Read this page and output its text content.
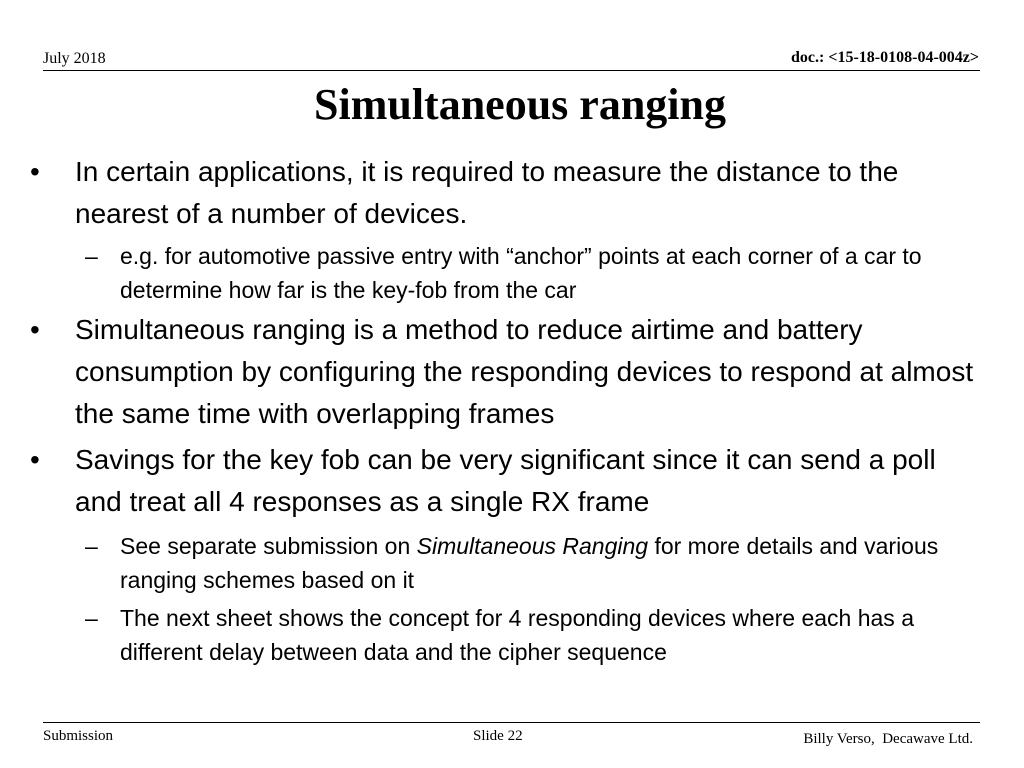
July 2018	doc.: <15-18-0108-04-004z>
Simultaneous ranging
• In certain applications, it is required to measure the distance to the nearest of a number of devices.
– e.g. for automotive passive entry with “anchor” points at each corner of a car to determine how far is the key-fob from the car
• Simultaneous ranging is a method to reduce airtime and battery consumption by configuring the responding devices to respond at almost the same time with overlapping frames
• Savings for the key fob can be very significant since it can send a poll and treat all 4 responses as a single RX frame
– See separate submission on Simultaneous Ranging for more details and various ranging schemes based on it
– The next sheet shows the concept for 4 responding devices where each has a different delay between data and the cipher sequence
Submission	Slide 22	Billy Verso,  Decawave Ltd.
